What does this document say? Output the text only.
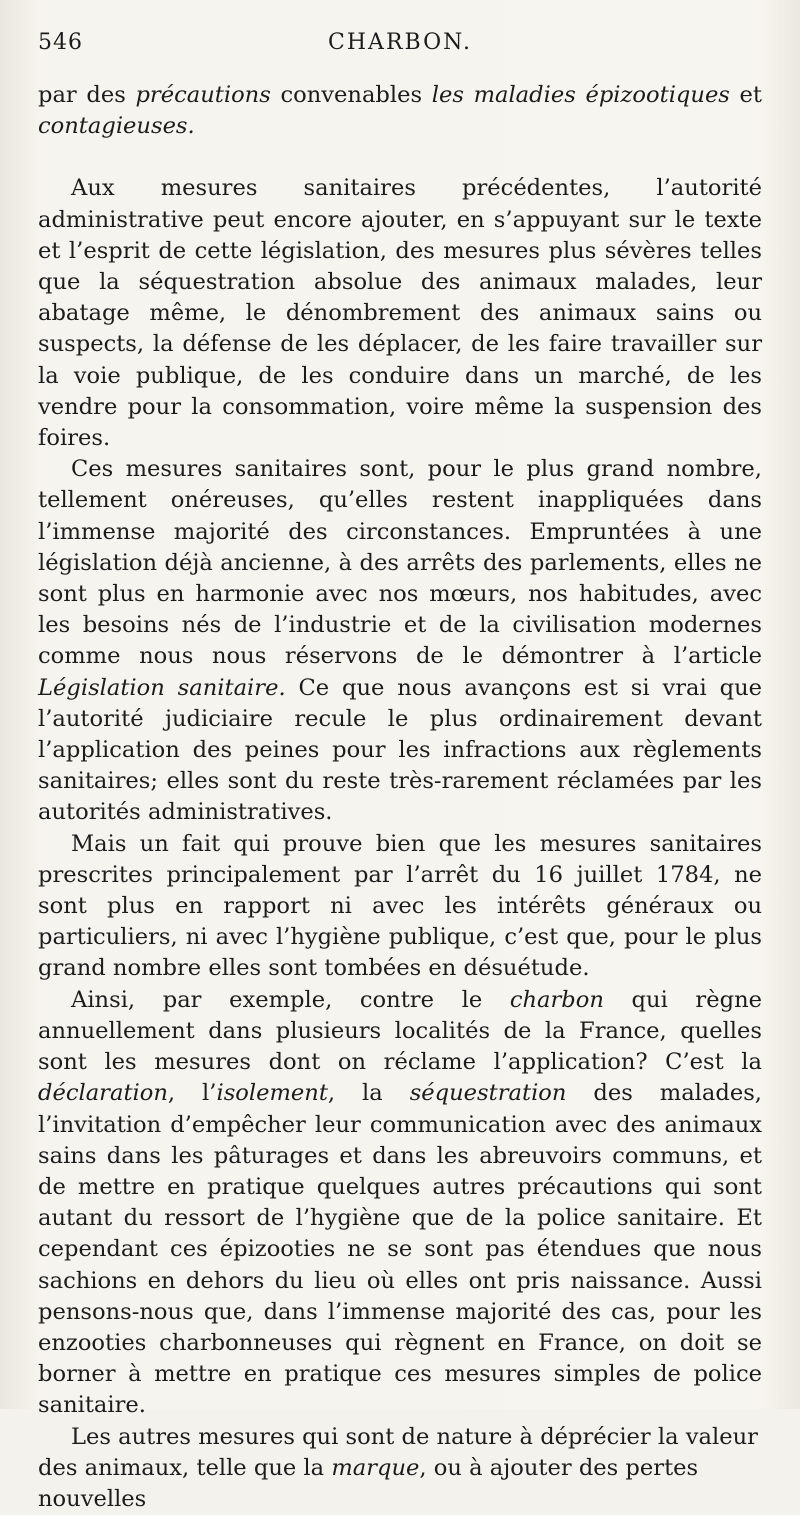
546	CHARBON.

par des précautions convenables les maladies épizootiques et contagieuses.

Aux mesures sanitaires précédentes, l’autorité administrative peut encore ajouter, en s’appuyant sur le texte et l’esprit de cette législation, des mesures plus sévères telles que la séquestration absolue des animaux malades, leur abatage même, le dénombrement des animaux sains ou suspects, la défense de les déplacer, de les faire travailler sur la voie publique, de les conduire dans un marché, de les vendre pour la consommation, voire même la suspension des foires.

Ces mesures sanitaires sont, pour le plus grand nombre, tellement onéreuses, qu’elles restent inappliquées dans l’immense majorité des circonstances. Empruntées à une législation déjà ancienne, à des arrêts des parlements, elles ne sont plus en harmonie avec nos mœurs, nos habitudes, avec les besoins nés de l’industrie et de la civilisation modernes comme nous nous réservons de le démontrer à l’article Législation sanitaire. Ce que nous avançons est si vrai que l’autorité judiciaire recule le plus ordinairement devant l’application des peines pour les infractions aux règlements sanitaires; elles sont du reste très-rarement réclamées par les autorités administratives.

Mais un fait qui prouve bien que les mesures sanitaires prescrites principalement par l’arrêt du 16 juillet 1784, ne sont plus en rapport ni avec les intérêts généraux ou particuliers, ni avec l’hygiène publique, c’est que, pour le plus grand nombre elles sont tombées en désuétude.

Ainsi, par exemple, contre le charbon qui règne annuellement dans plusieurs localités de la France, quelles sont les mesures dont on réclame l’application? C’est la déclaration, l’isolement, la séquestration des malades, l’invitation d’empêcher leur communication avec des animaux sains dans les pâturages et dans les abreuvoirs communs, et de mettre en pratique quelques autres précautions qui sont autant du ressort de l’hygiène que de la police sanitaire. Et cependant ces épizooties ne se sont pas étendues que nous sachions en dehors du lieu où elles ont pris naissance. Aussi pensons-nous que, dans l’immense majorité des cas, pour les enzooties charbonneuses qui règnent en France, on doit se borner à mettre en pratique ces mesures simples de police sanitaire.

Les autres mesures qui sont de nature à déprécier la valeur des animaux, telle que la marque, ou à ajouter des pertes nouvelles
